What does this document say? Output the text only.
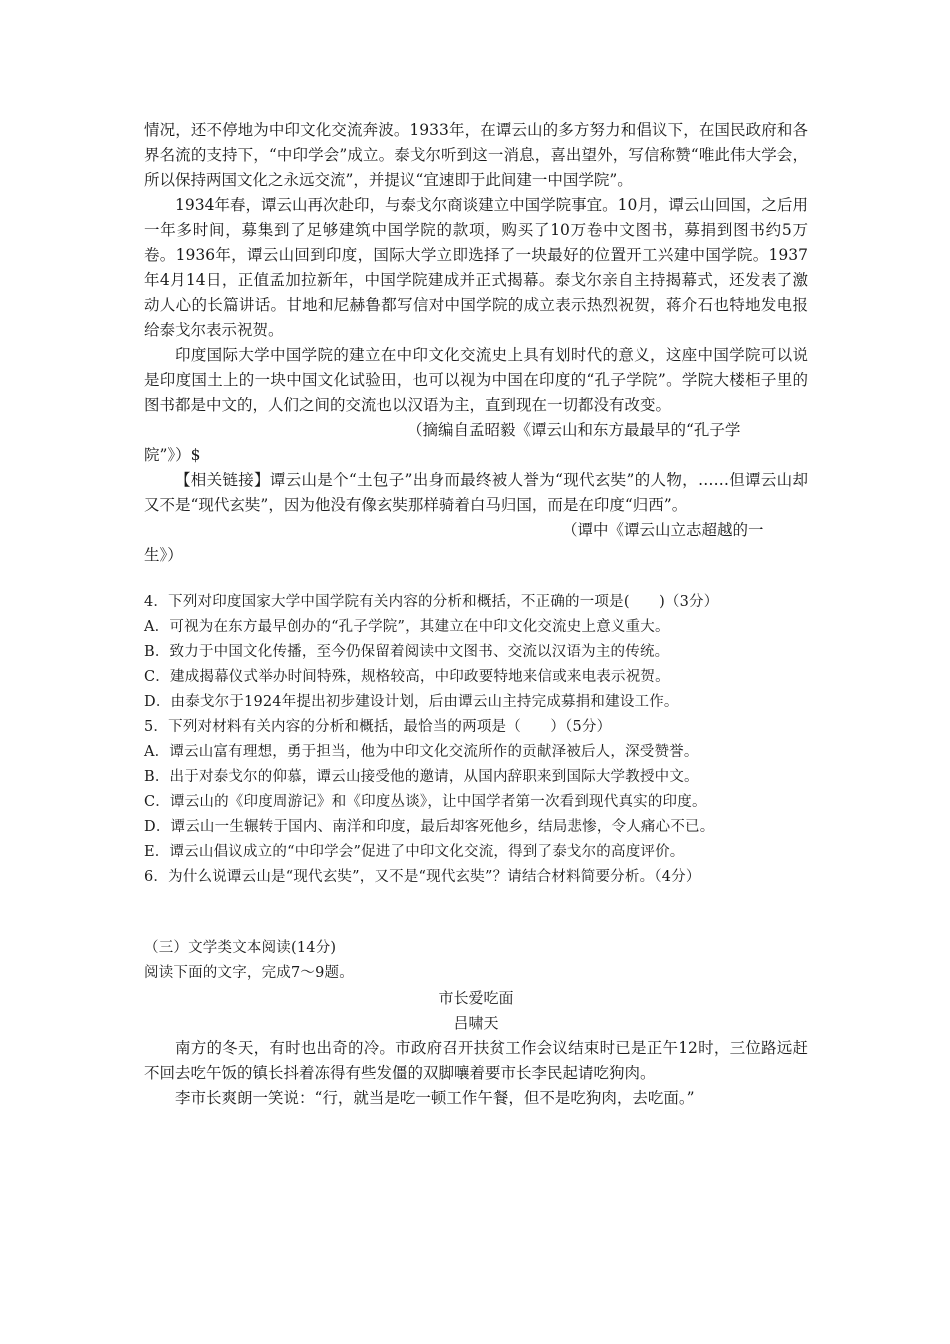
情况，还不停地为中印文化交流奔波。1933年，在谭云山的多方努力和倡议下，在国民政府和各界名流的支持下，“中印学会”成立。泰戈尔听到这一消息，喜出望外，写信称赞“唯此伟大学会，所以保持两国文化之永远交流”，并提议“宜速即于此间建一中国学院”。

1934年春，谭云山再次赴印，与泰戈尔商谈建立中国学院事宜。10月，谭云山回国，之后用一年多时间，募集到了足够建筑中国学院的款项，购买了10万卷中文图书，募捐到图书约5万卷。1936年，谭云山回到印度，国际大学立即选择了一块最好的位置开工兴建中国学院。1937年4月14日，正值孟加拉新年，中国学院建成并正式揭幕。泰戈尔亲自主持揭幕式，还发表了激动人心的长篇讲话。甘地和尼赫鲁都写信对中国学院的成立表示热烈祝贺，蒋介石也特地发电报给泰戈尔表示祝贺。

印度国际大学中国学院的建立在中印文化交流史上具有划时代的意义，这座中国学院可以说是印度国土上的一块中国文化试验田，也可以视为中国在印度的“孔子学院”。学院大楼柜子里的图书都是中文的，人们之间的交流也以汉语为主，直到现在一切都没有改变。

（摘编自孟昭毅《谭云山和东方最最早的“孔子学

院”》）$

【相关链接】谭云山是个“土包子”出身而最终被人誉为“现代玄奘”的人物，……但谭云山却又不是“现代玄奘”，因为他没有像玄奘那样骑着白马归国，而是在印度“归西”。

（谭中《谭云山立志超越的一

生》）

4．下列对印度国家大学中国学院有关内容的分析和概括，不正确的一项是(　　)（3分）

A．可视为在东方最早创办的“孔子学院”，其建立在中印文化交流史上意义重大。

B．致力于中国文化传播，至今仍保留着阅读中文图书、交流以汉语为主的传统。

C．建成揭幕仪式举办时间特殊，规格较高，中印政要特地来信或来电表示祝贺。

D．由泰戈尔于1924年提出初步建设计划，后由谭云山主持完成募捐和建设工作。

5．下列对材料有关内容的分析和概括，最恰当的两项是（　　）（5分）

A．谭云山富有理想，勇于担当，他为中印文化交流所作的贡献泽被后人，深受赞誉。

B．出于对泰戈尔的仰慕，谭云山接受他的邀请，从国内辞职来到国际大学教授中文。

C．谭云山的《印度周游记》和《印度丛谈》，让中国学者第一次看到现代真实的印度。

D．谭云山一生辗转于国内、南洋和印度，最后却客死他乡，结局悲惨，令人痛心不已。

E．谭云山倡议成立的“中印学会”促进了中印文化交流，得到了泰戈尔的高度评价。

6．为什么说谭云山是“现代玄奘”，又不是“现代玄奘”？请结合材料简要分析。（4分）

（三）文学类文本阅读(14分)

阅读下面的文字，完成7～9题。

市长爱吃面

吕啸天

南方的冬天，有时也出奇的冷。市政府召开扶贫工作会议结束时已是正午12时，三位路远赶不回去吃午饭的镇长抖着冻得有些发僵的双脚嚷着要市长李民起请吃狗肉。

李市长爽朗一笑说：“行，就当是吃一顿工作午餐，但不是吃狗肉，去吃面。”
